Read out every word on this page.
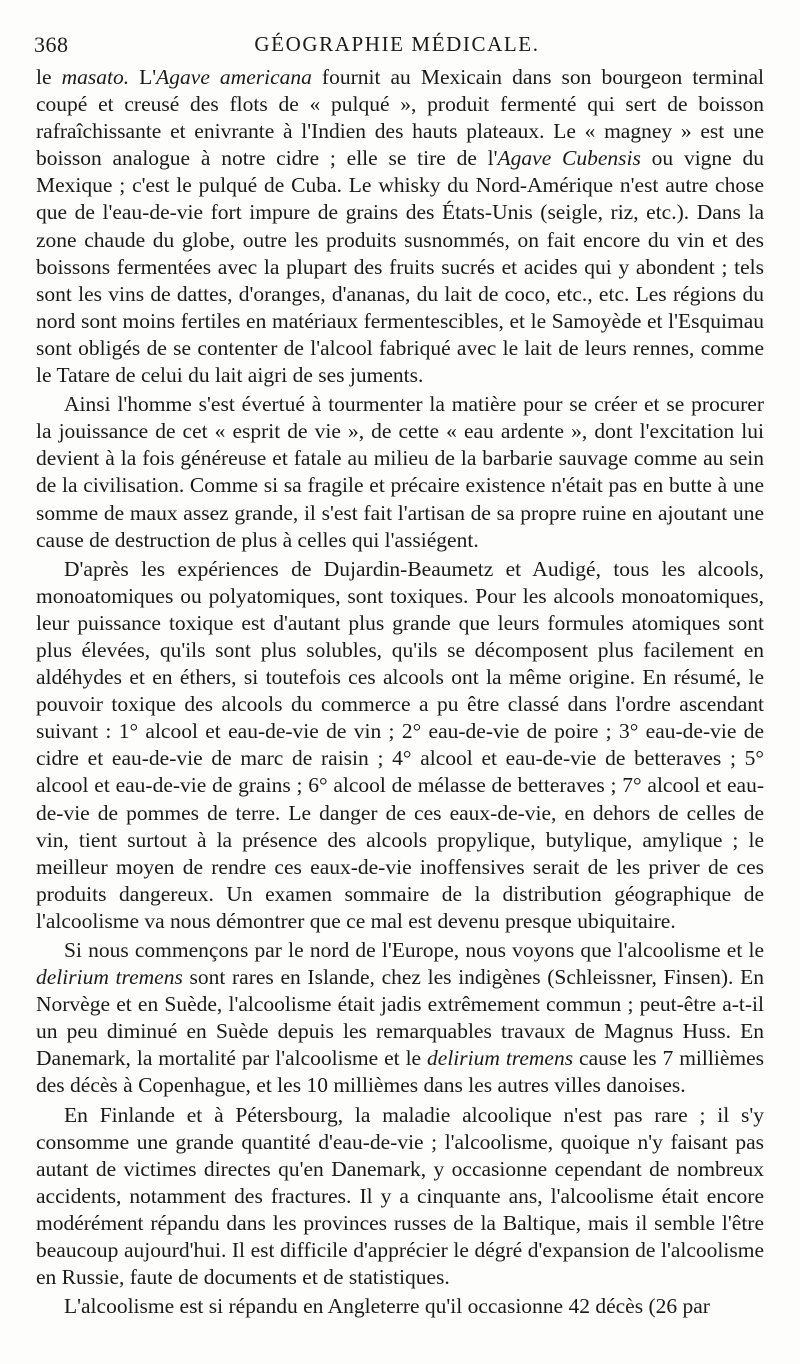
368	GÉOGRAPHIE MÉDICALE.

le masato. L'Agave americana fournit au Mexicain dans son bourgeon terminal coupé et creusé des flots de « pulqué », produit fermenté qui sert de boisson rafraîchissante et enivrante à l'Indien des hauts plateaux. Le « magney » est une boisson analogue à notre cidre ; elle se tire de l'Agave Cubensis ou vigne du Mexique ; c'est le pulqué de Cuba. Le whisky du Nord-Amérique n'est autre chose que de l'eau-de-vie fort impure de grains des États-Unis (seigle, riz, etc.). Dans la zone chaude du globe, outre les produits susnommés, on fait encore du vin et des boissons fermentées avec la plupart des fruits sucrés et acides qui y abondent ; tels sont les vins de dattes, d'oranges, d'ananas, du lait de coco, etc., etc. Les régions du nord sont moins fertiles en matériaux fermentescibles, et le Samoyède et l'Esquimau sont obligés de se contenter de l'alcool fabriqué avec le lait de leurs rennes, comme le Tatare de celui du lait aigri de ses juments.

Ainsi l'homme s'est évertué à tourmenter la matière pour se créer et se procurer la jouissance de cet « esprit de vie », de cette « eau ardente », dont l'excitation lui devient à la fois généreuse et fatale au milieu de la barbarie sauvage comme au sein de la civilisation. Comme si sa fragile et précaire existence n'était pas en butte à une somme de maux assez grande, il s'est fait l'artisan de sa propre ruine en ajoutant une cause de destruction de plus à celles qui l'assiégent.

D'après les expériences de Dujardin-Beaumetz et Audigé, tous les alcools, monoatomiques ou polyatomiques, sont toxiques. Pour les alcools monoatomiques, leur puissance toxique est d'autant plus grande que leurs formules atomiques sont plus élevées, qu'ils sont plus solubles, qu'ils se décomposent plus facilement en aldéhydes et en éthers, si toutefois ces alcools ont la même origine. En résumé, le pouvoir toxique des alcools du commerce a pu être classé dans l'ordre ascendant suivant : 1° alcool et eau-de-vie de vin ; 2° eau-de-vie de poire ; 3° eau-de-vie de cidre et eau-de-vie de marc de raisin ; 4° alcool et eau-de-vie de betteraves ; 5° alcool et eau-de-vie de grains ; 6° alcool de mélasse de betteraves ; 7° alcool et eau-de-vie de pommes de terre. Le danger de ces eaux-de-vie, en dehors de celles de vin, tient surtout à la présence des alcools propylique, butylique, amylique ; le meilleur moyen de rendre ces eaux-de-vie inoffensives serait de les priver de ces produits dangereux. Un examen sommaire de la distribution géographique de l'alcoolisme va nous démontrer que ce mal est devenu presque ubiquitaire.

Si nous commençons par le nord de l'Europe, nous voyons que l'alcoolisme et le delirium tremens sont rares en Islande, chez les indigènes (Schleissner, Finsen). En Norvège et en Suède, l'alcoolisme était jadis extrêmement commun ; peut-être a-t-il un peu diminué en Suède depuis les remarquables travaux de Magnus Huss. En Danemark, la mortalité par l'alcoolisme et le delirium tremens cause les 7 millièmes des décès à Copenhague, et les 10 millièmes dans les autres villes danoises.

En Finlande et à Pétersbourg, la maladie alcoolique n'est pas rare ; il s'y consomme une grande quantité d'eau-de-vie ; l'alcoolisme, quoique n'y faisant pas autant de victimes directes qu'en Danemark, y occasionne cependant de nombreux accidents, notamment des fractures. Il y a cinquante ans, l'alcoolisme était encore modérément répandu dans les provinces russes de la Baltique, mais il semble l'être beaucoup aujourd'hui. Il est difficile d'apprécier le dégré d'expansion de l'alcoolisme en Russie, faute de documents et de statistiques.

L'alcoolisme est si répandu en Angleterre qu'il occasionne 42 décès (26 par
